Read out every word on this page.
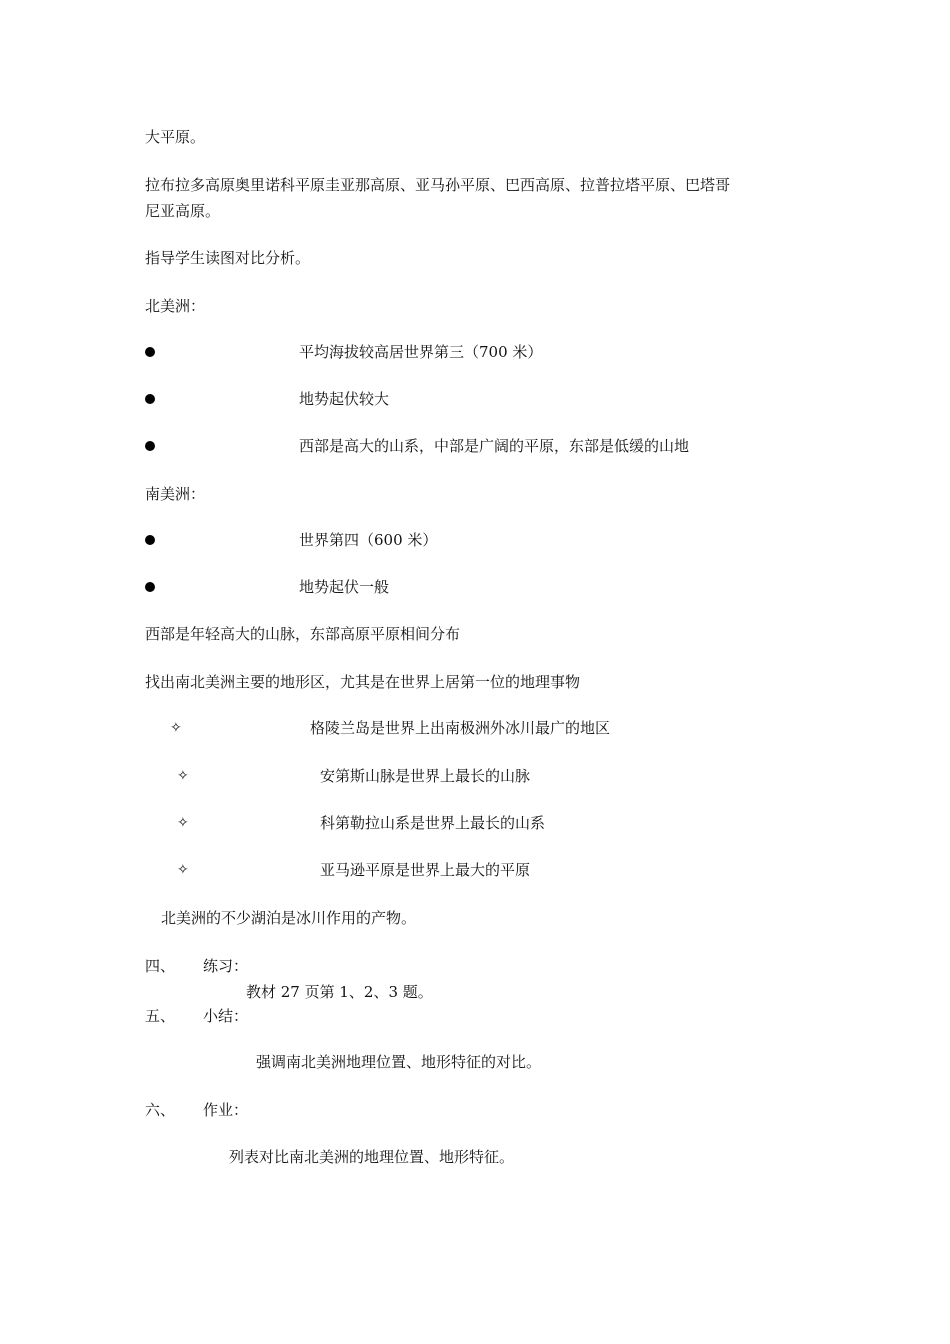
大平原。
拉布拉多高原奥里诺科平原圭亚那高原、亚马孙平原、巴西高原、拉普拉塔平原、巴塔哥
尼亚高原。
指导学生读图对比分析。
北美洲：
平均海拔较高居世界第三（700 米）
地势起伏较大
西部是高大的山系，中部是广阔的平原，东部是低缓的山地
南美洲：
世界第四（600 米）
地势起伏一般
西部是年轻高大的山脉，东部高原平原相间分布
找出南北美洲主要的地形区，尤其是在世界上居第一位的地理事物
✧	格陵兰岛是世界上出南极洲外冰川最广的地区
✧	安第斯山脉是世界上最长的山脉
✧	科第勒拉山系是世界上最长的山系
✧	亚马逊平原是世界上最大的平原
北美洲的不少湖泊是冰川作用的产物。
四、 练习：
教材 27 页第 1、2、3 题。
五、 小结：
强调南北美洲地理位置、地形特征的对比。
六、 作业：
列表对比南北美洲的地理位置、地形特征。
